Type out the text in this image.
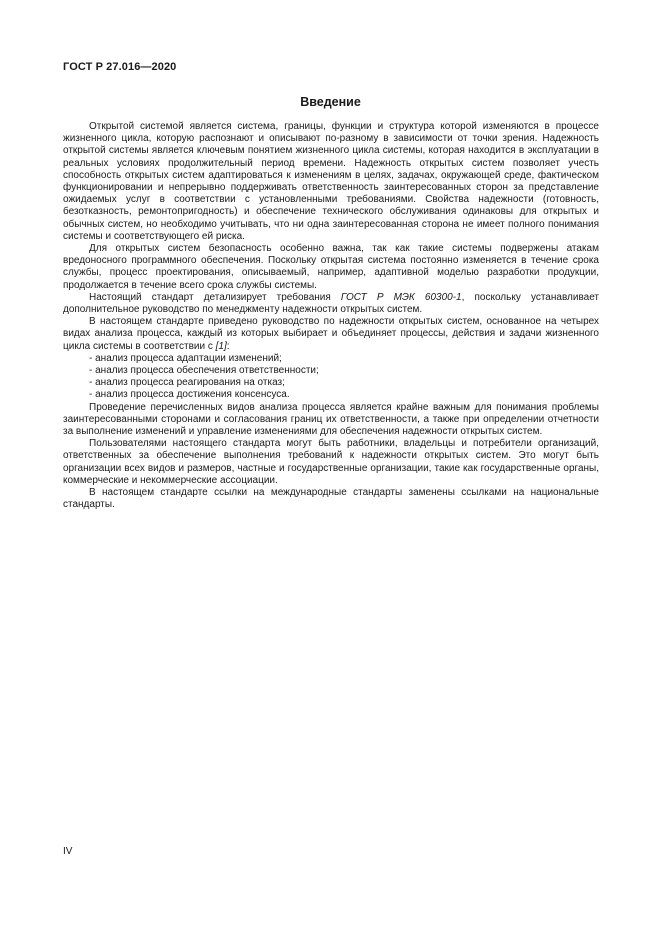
ГОСТ Р 27.016—2020
Введение

Открытой системой является система, границы, функции и структура которой изменяются в процессе жизненного цикла, которую распознают и описывают по-разному в зависимости от точки зрения. Надежность открытой системы является ключевым понятием жизненного цикла системы, которая находится в эксплуатации в реальных условиях продолжительный период времени. Надежность открытых систем позволяет учесть способность открытых систем адаптироваться к изменениям в целях, задачах, окружающей среде, фактическом функционировании и непрерывно поддерживать ответственность заинтересованных сторон за представление ожидаемых услуг в соответствии с установленными требованиями. Свойства надежности (готовность, безотказность, ремонтопригодность) и обеспечение технического обслуживания одинаковы для открытых и обычных систем, но необходимо учитывать, что ни одна заинтересованная сторона не имеет полного понимания системы и соответствующего ей риска.

Для открытых систем безопасность особенно важна, так как такие системы подвержены атакам вредоносного программного обеспечения. Поскольку открытая система постоянно изменяется в течение срока службы, процесс проектирования, описываемый, например, адаптивной моделью разработки продукции, продолжается в течение всего срока службы системы.

Настоящий стандарт детализирует требования ГОСТ Р МЭК 60300-1, поскольку устанавливает дополнительное руководство по менеджменту надежности открытых систем.

В настоящем стандарте приведено руководство по надежности открытых систем, основанное на четырех видах анализа процесса, каждый из которых выбирает и объединяет процессы, действия и задачи жизненного цикла системы в соответствии с [1]:

- анализ процесса адаптации изменений;
- анализ процесса обеспечения ответственности;
- анализ процесса реагирования на отказ;
- анализ процесса достижения консенсуса.

Проведение перечисленных видов анализа процесса является крайне важным для понимания проблемы заинтересованными сторонами и согласования границ их ответственности, а также при определении отчетности за выполнение изменений и управление изменениями для обеспечения надежности открытых систем.

Пользователями настоящего стандарта могут быть работники, владельцы и потребители организаций, ответственных за обеспечение выполнения требований к надежности открытых систем. Это могут быть организации всех видов и размеров, частные и государственные организации, такие как государственные органы, коммерческие и некоммерческие ассоциации.

В настоящем стандарте ссылки на международные стандарты заменены ссылками на национальные стандарты.

IV
